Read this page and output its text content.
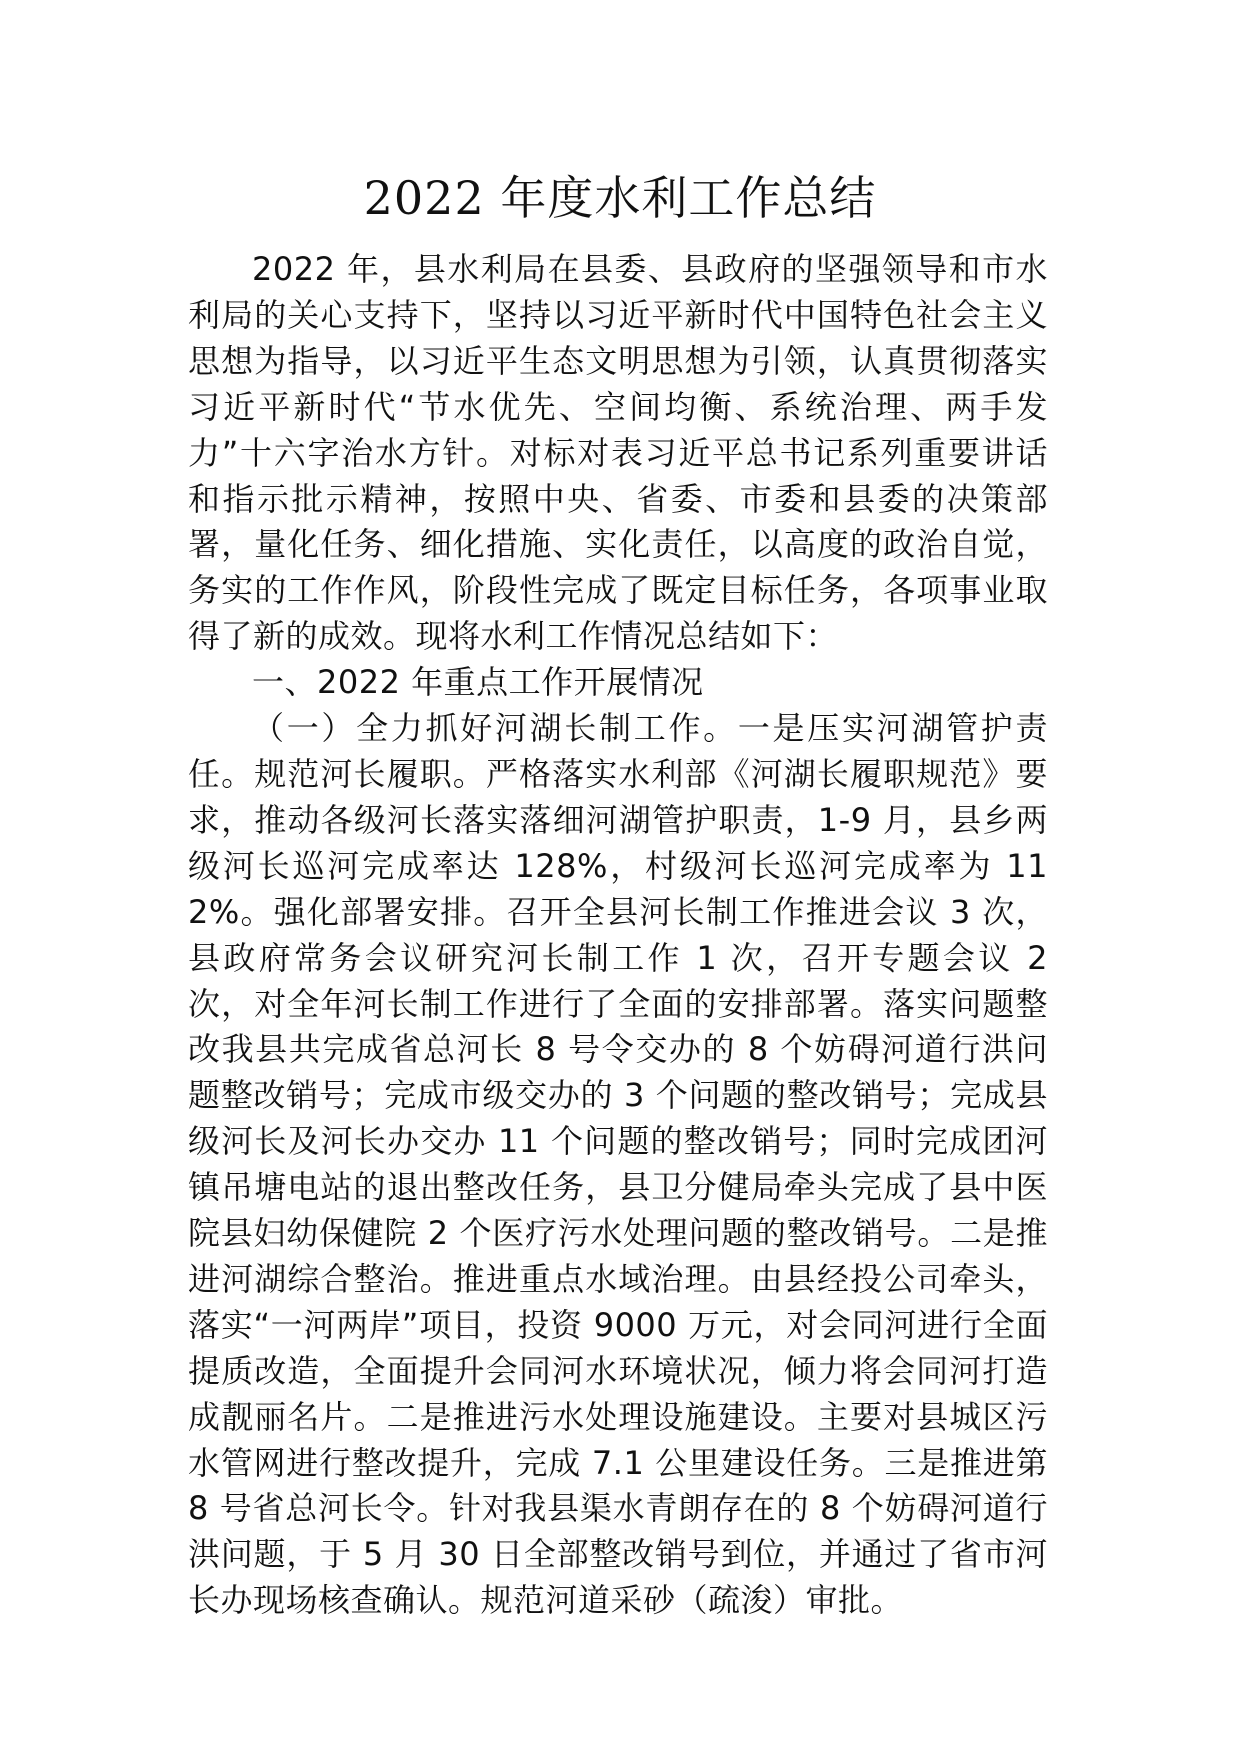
2022 年度水利工作总结

2022 年，县水利局在县委、县政府的坚强领导和市水利局的关心支持下，坚持以习近平新时代中国特色社会主义思想为指导，以习近平生态文明思想为引领，认真贯彻落实习近平新时代“节水优先、空间均衡、系统治理、两手发力”十六字治水方针。对标对表习近平总书记系列重要讲话和指示批示精神，按照中央、省委、市委和县委的决策部署，量化任务、细化措施、实化责任，以高度的政治自觉，务实的工作作风，阶段性完成了既定目标任务，各项事业取得了新的成效。现将水利工作情况总结如下：

一、2022 年重点工作开展情况

（一）全力抓好河湖长制工作。一是压实河湖管护责任。规范河长履职。严格落实水利部《河湖长履职规范》要求，推动各级河长落实落细河湖管护职责，1-9 月，县乡两级河长巡河完成率达 128%，村级河长巡河完成率为 112%。强化部署安排。召开全县河长制工作推进会议 3 次，县政府常务会议研究河长制工作 1 次，召开专题会议 2 次，对全年河长制工作进行了全面的安排部署。落实问题整改我县共完成省总河长 8 号令交办的 8 个妨碍河道行洪问题整改销号；完成市级交办的 3 个问题的整改销号；完成县级河长及河长办交办 11 个问题的整改销号；同时完成团河镇吊塘电站的退出整改任务，县卫分健局牵头完成了县中医院县妇幼保健院 2 个医疗污水处理问题的整改销号。二是推进河湖综合整治。推进重点水域治理。由县经投公司牵头，落实“一河两岸”项目，投资 9000 万元，对会同河进行全面提质改造，全面提升会同河水环境状况，倾力将会同河打造成靓丽名片。二是推进污水处理设施建设。主要对县城区污水管网进行整改提升，完成 7.1 公里建设任务。三是推进第 8 号省总河长令。针对我县渠水青朗存在的 8 个妨碍河道行洪问题，于 5 月 30 日全部整改销号到位，并通过了省市河长办现场核查确认。规范河道采砂（疏浚）审批。
